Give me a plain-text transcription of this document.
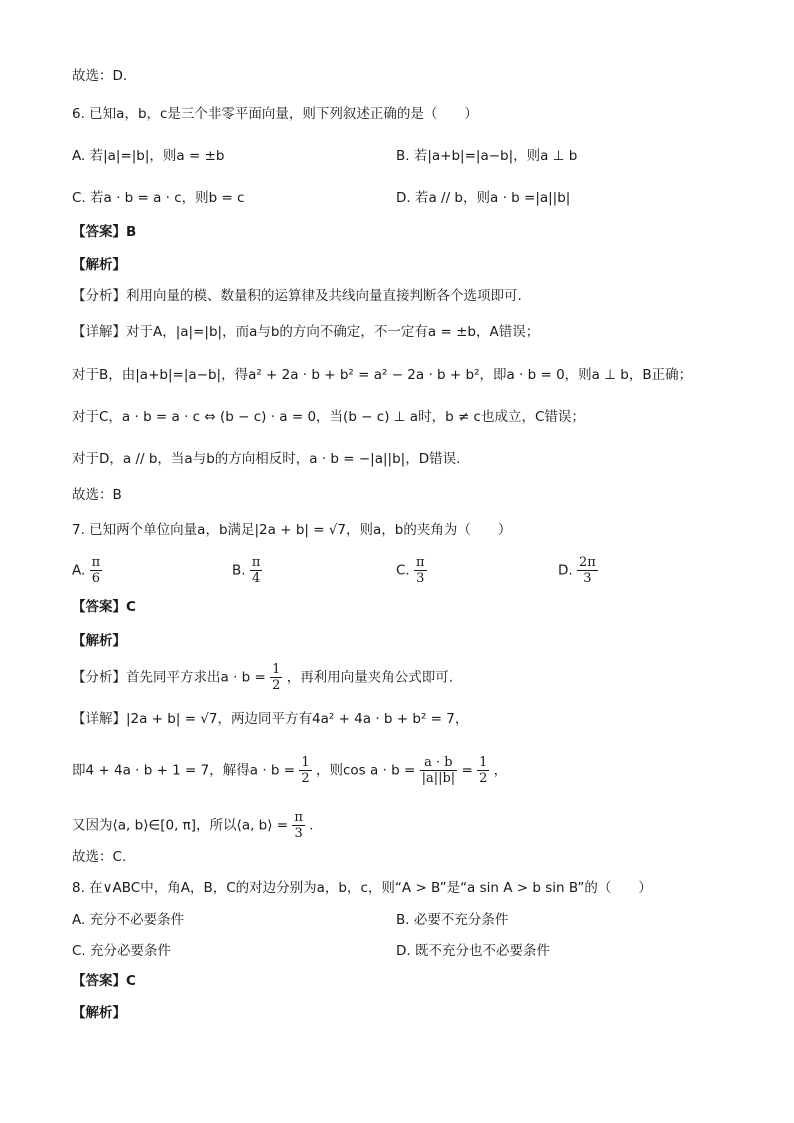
故选：D.
6. 已知a，b，c是三个非零平面向量，则下列叙述正确的是（　　）
A. 若|a|=|b|，则a = ±b	B. 若|a+b|=|a−b|，则a ⊥ b
C. 若a · b = a · c，则b = c	D. 若a // b，则a · b =|a||b|
【答案】B
【解析】
【分析】利用向量的模、数量积的运算律及共线向量直接判断各个选项即可.
【详解】对于A，|a|=|b|，而a与b的方向不确定，不一定有a = ±b，A错误；
对于B，由|a+b|=|a−b|，得a² + 2a · b + b² = a² − 2a · b + b²，即a · b = 0，则a ⊥ b，B正确；
对于C，a · b = a · c ⇔ (b − c) · a = 0，当(b − c) ⊥ a时，b ≠ c也成立，C错误；
对于D，a // b，当a与b的方向相反时，a · b = −|a||b|，D错误.
故选：B
7. 已知两个单位向量a，b满足|2a + b| = √7，则a，b的夹角为（　　）
A. $\frac{\pi}{6}$	B. $\frac{\pi}{4}$	C. $\frac{\pi}{3}$	D. $\frac{2\pi}{3}$
【答案】C
【解析】
【分析】首先同平方求出$a \cdot b = \frac{1}{2}$ ，再利用向量夹角公式即可.
【详解】|2a + b| = √7，两边同平方有4a² + 4a · b + b² = 7，
即4 + 4a · b + 1 = 7，解得$a \cdot b = \frac{1}{2}$ ，则$\cos a \cdot b = \frac{a \cdot b}{|a||b|} = \frac{1}{2}$ ，
又因为⟨a, b⟩∈[0, π]，所以⟨a, b⟩ = $\frac{\pi}{3}$ .
故选：C.
8. 在∨ABC中，角A，B，C的对边分别为a，b，c，则“A > B”是“a sin A > b sin B”的（　　）
A. 充分不必要条件	B. 必要不充分条件
C. 充分必要条件	D. 既不充分也不必要条件
【答案】C
【解析】
